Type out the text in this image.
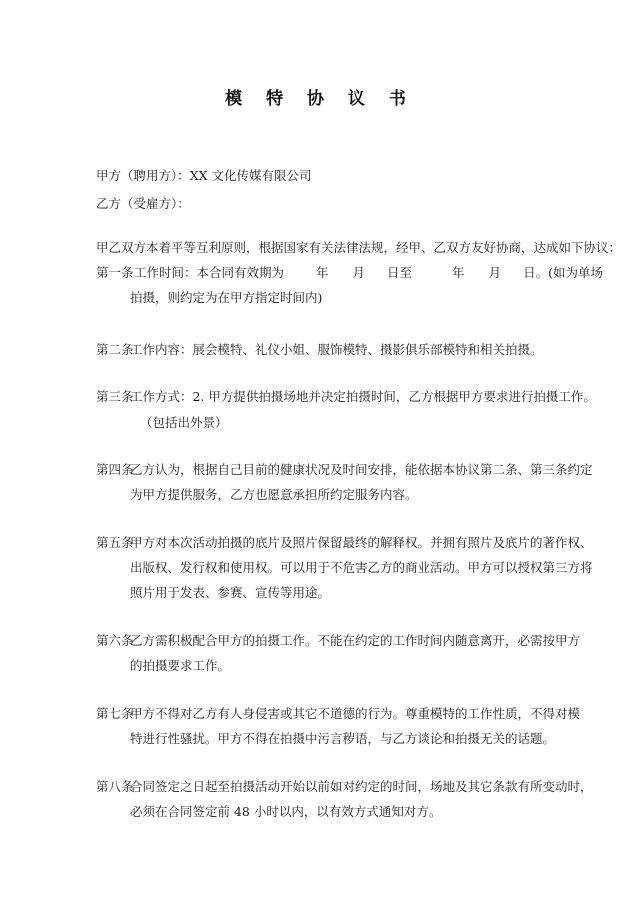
模 特 协 议 书
甲方（聘用方）：XX 文化传媒有限公司
乙方（受雇方）：
甲乙双方本着平等互利原则，根据国家有关法律法规，经甲、乙双方友好协商，达成如下协议：
第一条 工作时间：本合同有效期为	年 月 日至	年 月 日。(如为单场
拍摄，则约定为在甲方指定时间内)
第二条工作内容：展会模特、礼仪小姐、服饰模特、摄影俱乐部模特和相关拍摄。
第三条工作方式：2. 甲方提供拍摄场地并决定拍摄时间，乙方根据甲方要求进行拍摄工作。
（包括出外景）
第四条乙方认为，根据自己目前的健康状况及时间安排，能依据本协议第二条、第三条约定
为甲方提供服务，乙方也愿意承担所约定服务内容。
第五条甲方对本次活动拍摄的底片及照片保留最终的解释权。并拥有照片及底片的著作权、
出版权、发行权和使用权。可以用于不危害乙方的商业活动。甲方可以授权第三方将
照片用于发表、参赛、宣传等用途。
第六条乙方需积极配合甲方的拍摄工作。不能在约定的工作时间内随意离开，必需按甲方
的拍摄要求工作。
第七条甲方不得对乙方有人身侵害或其它不道德的行为。尊重模特的工作性质，不得对模
特进行性骚扰。甲方不得在拍摄中污言秽语，与乙方谈论和拍摄无关的话题。
第八条合同签定之日起至拍摄活动开始以前如对约定的时间，场地及其它条款有所变动时，
必须在合同签定前 48 小时以内，以有效方式通知对方。
